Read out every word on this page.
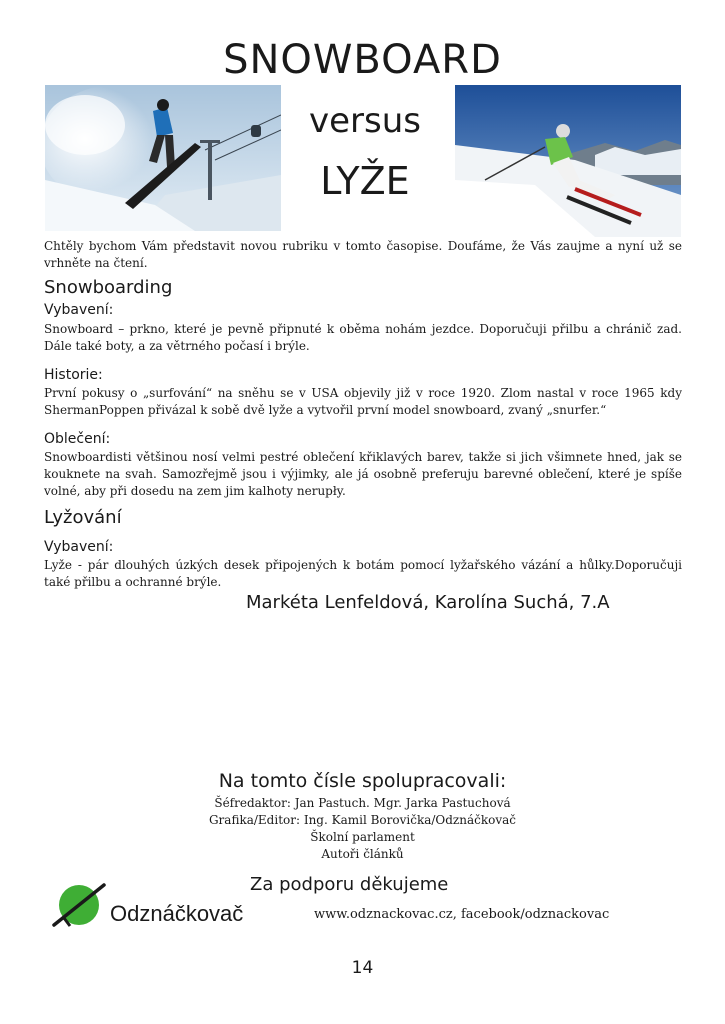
SNOWBOARD
versus
LYŽE
Chtěly bychom Vám představit novou rubriku v tomto časopise. Doufáme, že Vás zaujme a nyní už se vrhněte na čtení.
Snowboarding
Vybavení:
Snowboard – prkno, které je pevně připnuté k oběma nohám jezdce. Doporučuji přilbu a chránič zad. Dále také boty, a za větrného počasí i brýle.
Historie:
První pokusy o „surfování“ na sněhu se v USA objevily již v roce 1920. Zlom nastal v roce 1965 kdy ShermanPoppen přivázal k sobě dvě lyže a vytvořil první model snowboard, zvaný „snurfer.“
Oblečení:
Snowboardisti většinou nosí velmi pestré oblečení křiklavých barev, takže si jich všimnete hned, jak se kouknete na svah. Samozřejmě jsou i výjimky, ale já osobně preferuju barevné oblečení, které je spíše volné, aby při dosedu na zem jim kalhoty nerupły.
Lyžování
Vybavení:
Lyže - pár dlouhých úzkých desek připojených k botám pomocí lyžařského vázání a hůlky.Doporučuji také přilbu a ochranné brýle.
Markéta Lenfeldová, Karolína Suchá, 7.A
Na tomto čísle spolupracovali:
Šéfredaktor: Jan Pastuch. Mgr. Jarka Pastuchová
Grafika/Editor: Ing. Kamil Borovička/Odznáčkovač
Školní parlament
Autoři článků
Za podporu děkujeme
Odznáčkovač	www.odznackovac.cz, facebook/odznackovac
14
